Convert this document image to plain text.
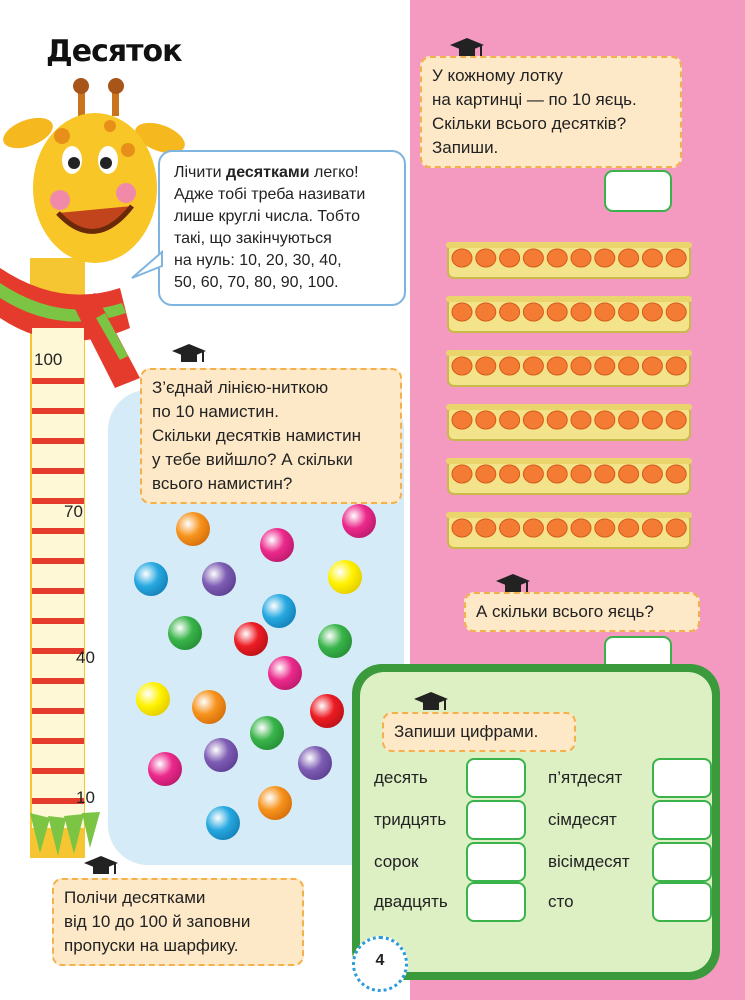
Десяток
100
70
40
10
Лічити десятками легко!
Адже тобі треба називати
лише круглі числа. Тобто
такі, що закінчуються
на нуль: 10, 20, 30, 40,
50, 60, 70, 80, 90, 100.
З’єднай лінією-ниткою
по 10 намистин.
Скільки десятків намистин
у тебе вийшло? А скільки
всього намистин?
Полічи десятками
від 10 до 100 й заповни
пропуски на шарфику.
У кожному лотку
на картинці — по 10 яєць.
Скільки всього десятків?
Запиши.
А скільки всього яєць?
Запиши цифрами.
десять
тридцять
сорок
двадцять
п’ятдесят
сімдесят
вісімдесят
сто
4
